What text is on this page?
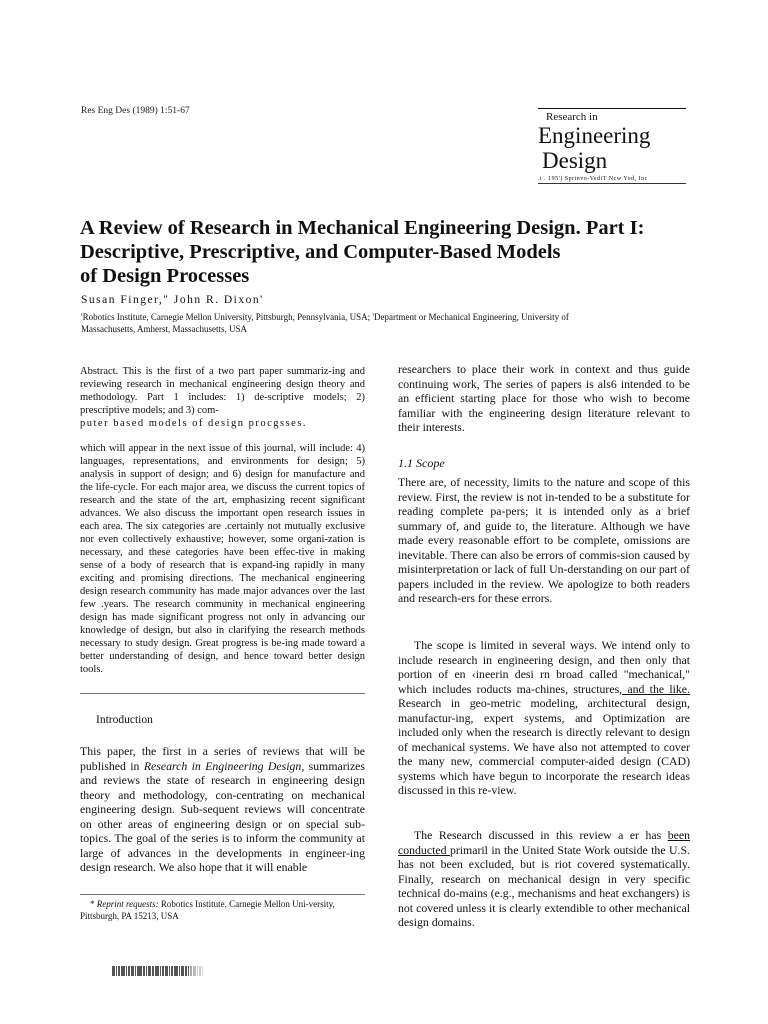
Res Eng Des (1989) 1:51-67	Research in
Engineering
Design
.t . 195') Sprinvo-VediT Ncw Yod, Inc
A Review of Research in Mechanical Engineering Design. Part I:
Descriptive, Prescriptive, and Computer-Based Models
of Design Processes
Susan Finger," John R. Dixon'
'Robotics Institute, Carnegie Mellon University, Pittsburgh, Pennsylvania, USA; 'Department or Mechanical Engineering, University of Massachusetts, Amherst, Massachusetts, USA

Abstract. This is the first of a two part paper summariz-ing and reviewing research in mechanical engineering design theory and methodology. Part 1 includes: 1) de-scriptive models; 2) prescriptive models; and 3) com-

puter based models of design procgsses.

which will appear in the next issue of this journal, will include: 4) languages, representations, and environments for design; 5) analysis in support of design; and 6) design for manufacture and the life-cycle. For each major area, we discuss the current topics of research and the state of the art, emphasizing recent significant advances. We also discuss the important open research issues in each area. The six categories are .certainly not mutually exclusive nor even collectively exhaustive; however, some organi-zation is necessary, and these categories have been effec-tive in making sense of a body of research that is expand-ing rapidly in many exciting and promising directions. The mechanical engineering design research community has made major advances over the last few .years. The research community in mechanical engineering design has made significant progress not only in advancing our knowledge of design, but also in clarifying the research methods necessary to study design. Great progress is be-ing made toward a better understanding of design, and hence toward better design tools.

Introduction

This paper, the first in a series of reviews that will be published in Research in Engineering Design, summarizes and reviews the state of research in engineering design theory and methodology, con-centrating on mechanical engineering design. Sub-sequent reviews will concentrate on other areas of engineering design or on special sub-topics. The goal of the series is to inform the community at large of advances in the developments in engineer-ing design research. We also hope that it will enable

* Reprint requests: Robotics Institute, Carnegie Mellon Uni-versity, Pittsburgh, PA 15213, USA

researchers to place their work in context and thus guide continuing work, The series of papers is als6 intended to be an efficient starting place for those who wish to become familiar with the engineering design literature relevant to their interests.

1.1 Scope

There are, of necessity, limits to the nature and scope of this review. First, the review is not in-tended to be a substitute for reading complete pa-pers; it is intended only as a brief summary of, and guide to, the literature. Although we have made every reasonable effort to be complete, omissions are inevitable. There can also be errors of commis-sion caused by misinterpretation or lack of full Un-derstanding on our part of papers included in the review. We apologize to both readers and research-ers for these errors.

The scope is limited in several ways. We intend only to include research in engineering design, and then only that portion of en ‹ineerin desi rn broad called "mechanical," which includes roducts ma-chines, structures, and the like. Research in geo-metric modeling, architectural design, manufactur-ing, expert systems, and Optimization are included only when the research is directly relevant to design of mechanical systems. We have also not attempted to cover the many new, commercial computer-aided design (CAD) systems which have begun to incorporate the research ideas discussed in this re-view.

The Research discussed in this review a er has been conducted primaril in the United State Work outside the U.S. has not been excluded, but is riot covered systematically. Finally, research on mechanical design in very specific technical do-mains (e.g., mechanisms and heat exchangers) is not covered unless it is clearly extendible to other mechanical design domains.
